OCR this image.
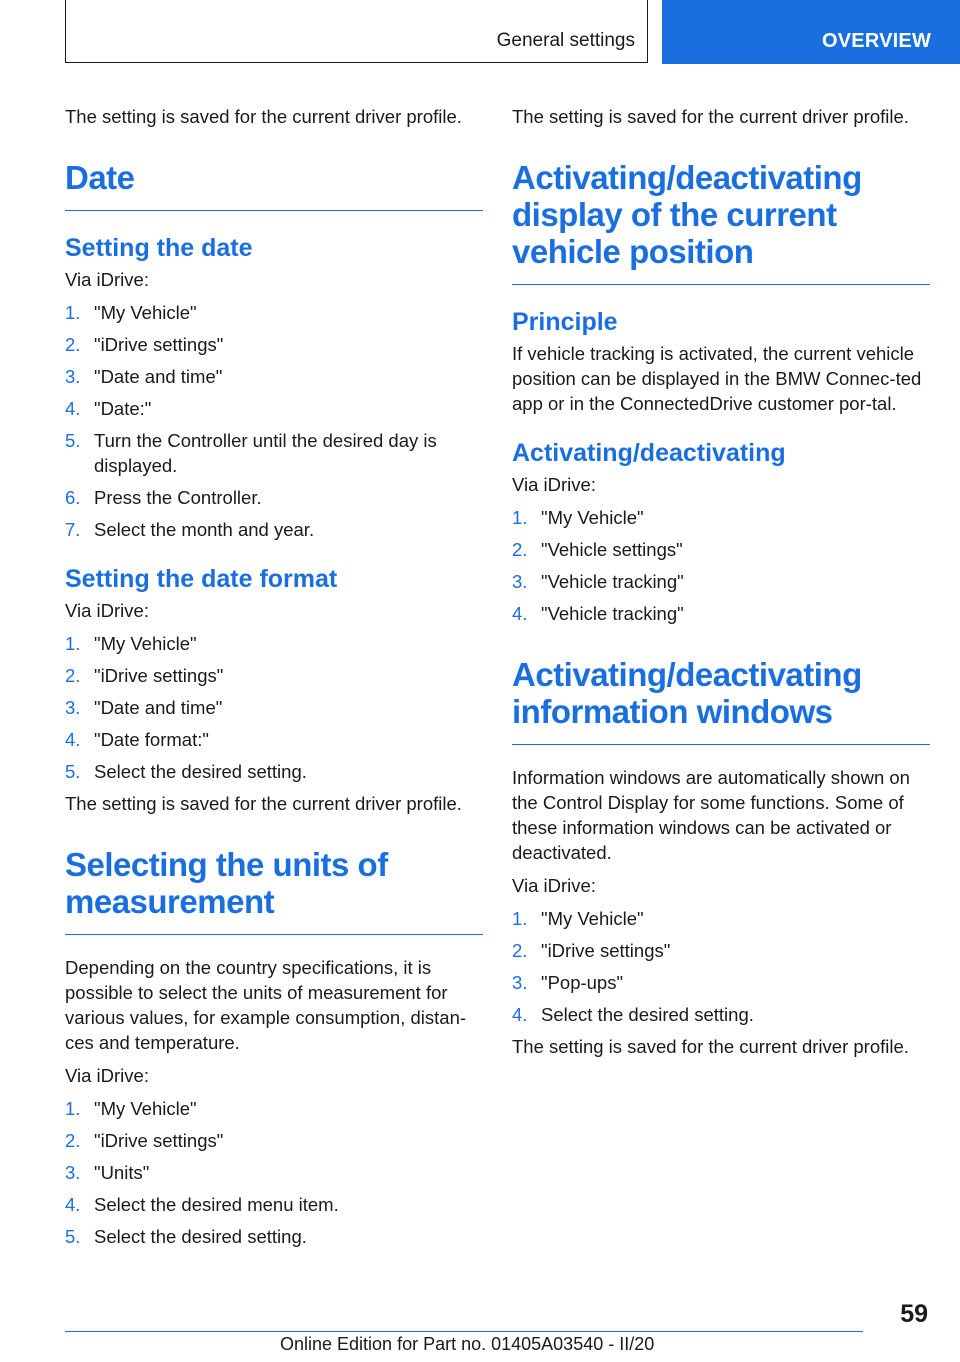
General settings	OVERVIEW

The setting is saved for the current driver profile.

Date
Setting the date

Via iDrive:

1. "My Vehicle"
2. "iDrive settings"
3. "Date and time"
4. "Date:"
5. Turn the Controller until the desired day is displayed.
6. Press the Controller.
7. Select the month and year.
Setting the date format

Via iDrive:

1. "My Vehicle"
2. "iDrive settings"
3. "Date and time"
4. "Date format:"
5. Select the desired setting.

The setting is saved for the current driver profile.

Selecting the units of measurement

Depending on the country specifications, it is possible to select the units of measurement for various values, for example consumption, distan‐ces and temperature.

Via iDrive:

1. "My Vehicle"
2. "iDrive settings"
3. "Units"
4. Select the desired menu item.
5. Select the desired setting.

The setting is saved for the current driver profile.

Activating/deactivating display of the current vehicle position
Principle

If vehicle tracking is activated, the current vehicle position can be displayed in the BMW Connec‐ted app or in the ConnectedDrive customer por‐tal.

Activating/deactivating

Via iDrive:

1. "My Vehicle"
2. "Vehicle settings"
3. "Vehicle tracking"
4. "Vehicle tracking"
Activating/deactivating information windows

Information windows are automatically shown on the Control Display for some functions. Some of these information windows can be activated or deactivated.

Via iDrive:

1. "My Vehicle"
2. "iDrive settings"
3. "Pop-ups"
4. Select the desired setting.

The setting is saved for the current driver profile.

59
Online Edition for Part no. 01405A03540 - II/20
